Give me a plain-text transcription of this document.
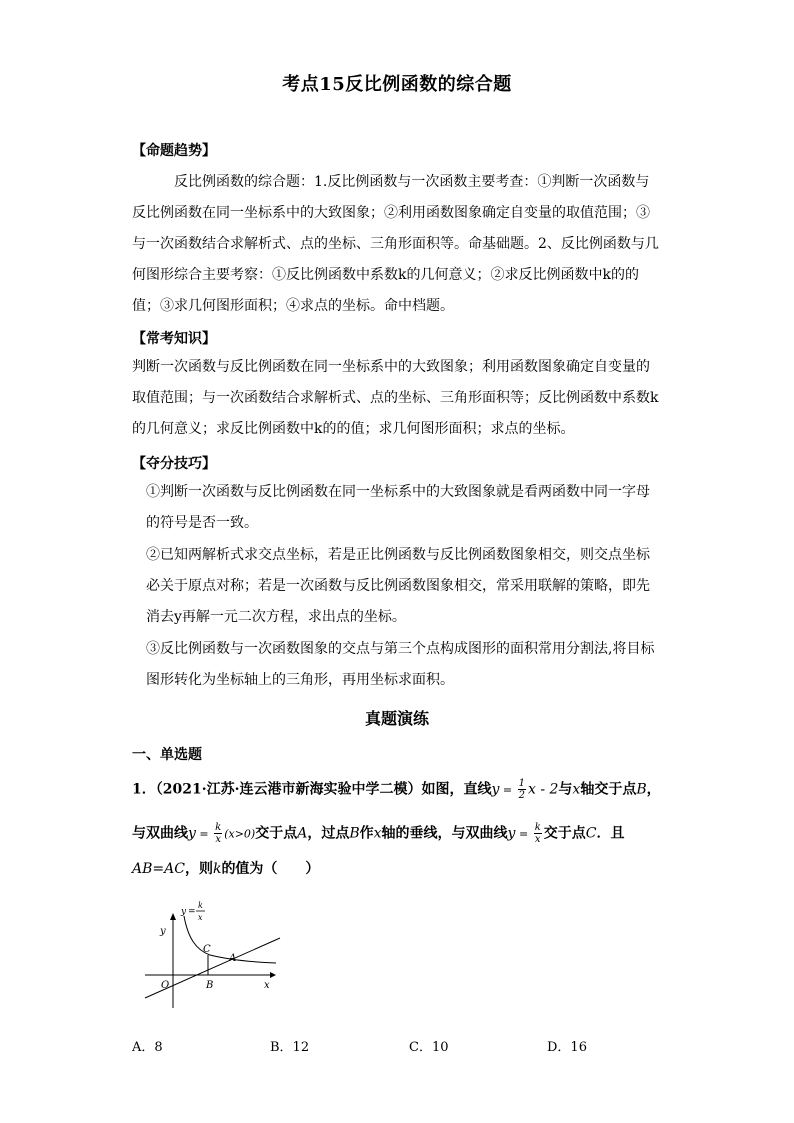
考点15反比例函数的综合题
【命题趋势】
反比例函数的综合题：1.反比例函数与一次函数主要考查：①判断一次函数与反比例函数在同一坐标系中的大致图象；②利用函数图象确定自变量的取值范围；③与一次函数结合求解析式、点的坐标、三角形面积等。命基础题。2、反比例函数与几何图形综合主要考察：①反比例函数中系数k的几何意义；②求反比例函数中k的的值；③求几何图形面积；④求点的坐标。命中档题。
【常考知识】
判断一次函数与反比例函数在同一坐标系中的大致图象；利用函数图象确定自变量的取值范围；与一次函数结合求解析式、点的坐标、三角形面积等；反比例函数中系数k的几何意义；求反比例函数中k的的值；求几何图形面积；求点的坐标。
【夺分技巧】
①判断一次函数与反比例函数在同一坐标系中的大致图象就是看两函数中同一字母的符号是否一致。
②已知两解析式求交点坐标，若是正比例函数与反比例函数图象相交，则交点坐标必关于原点对称；若是一次函数与反比例函数图象相交，常采用联解的策略，即先消去y再解一元二次方程，求出点的坐标。
③反比例函数与一次函数图象的交点与第三个点构成图形的面积常用分割法,将目标图形转化为坐标轴上的三角形，再用坐标求面积。
真题演练
一、单选题
1．（2021·江苏·连云港市新海实验中学二模）如图，直线$y = \frac{1}{2}$ x - 2与x轴交于点B，
与双曲线$y = \frac{k}{x} (x>0)$交于点A，过点B作x轴的垂线，与双曲线$y = \frac{k}{x}$ 交于点C．且
AB=AC，则k的值为（　　）
y =
k
x
y
x
O	B
C
A
A．8	B．12	C．10	D．16
